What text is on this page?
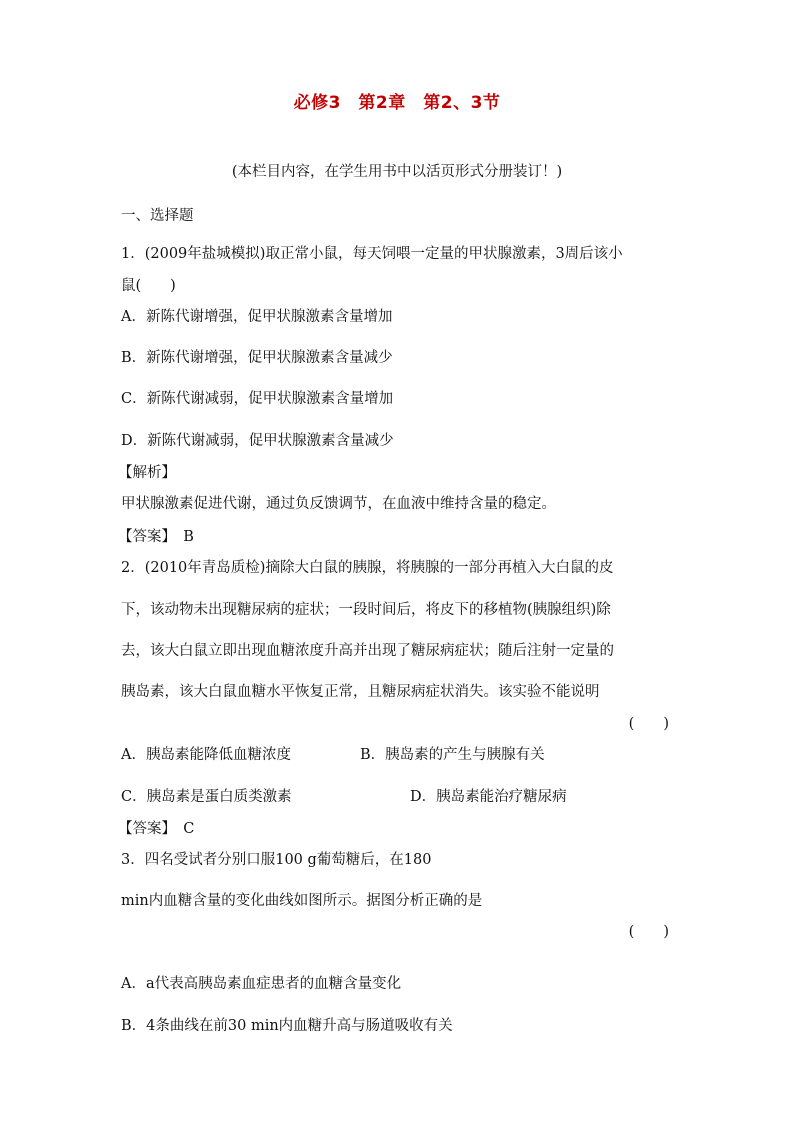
必修3　第2章　第2、3节
(本栏目内容，在学生用书中以活页形式分册装订！)
一、选择题
1．(2009年盐城模拟)取正常小鼠，每天饲喂一定量的甲状腺激素，3周后该小
鼠(　　)
A．新陈代谢增强，促甲状腺激素含量增加
B．新陈代谢增强，促甲状腺激素含量减少
C．新陈代谢减弱，促甲状腺激素含量增加
D．新陈代谢减弱，促甲状腺激素含量减少
【解析】
甲状腺激素促进代谢，通过负反馈调节，在血液中维持含量的稳定。
【答案】　B
2．(2010年青岛质检)摘除大白鼠的胰腺，将胰腺的一部分再植入大白鼠的皮
下，该动物未出现糖尿病的症状；一段时间后，将皮下的移植物(胰腺组织)除
去，该大白鼠立即出现血糖浓度升高并出现了糖尿病症状；随后注射一定量的
胰岛素，该大白鼠血糖水平恢复正常，且糖尿病症状消失。该实验不能说明
(　　)
A．胰岛素能降低血糖浓度	B．胰岛素的产生与胰腺有关
C．胰岛素是蛋白质类激素	D．胰岛素能治疗糖尿病
【答案】　C
3．四名受试者分别口服100 g葡萄糖后，在180
min内血糖含量的变化曲线如图所示。据图分析正确的是
(　　)
A．a代表高胰岛素血症患者的血糖含量变化
B．4条曲线在前30 min内血糖升高与肠道吸收有关
